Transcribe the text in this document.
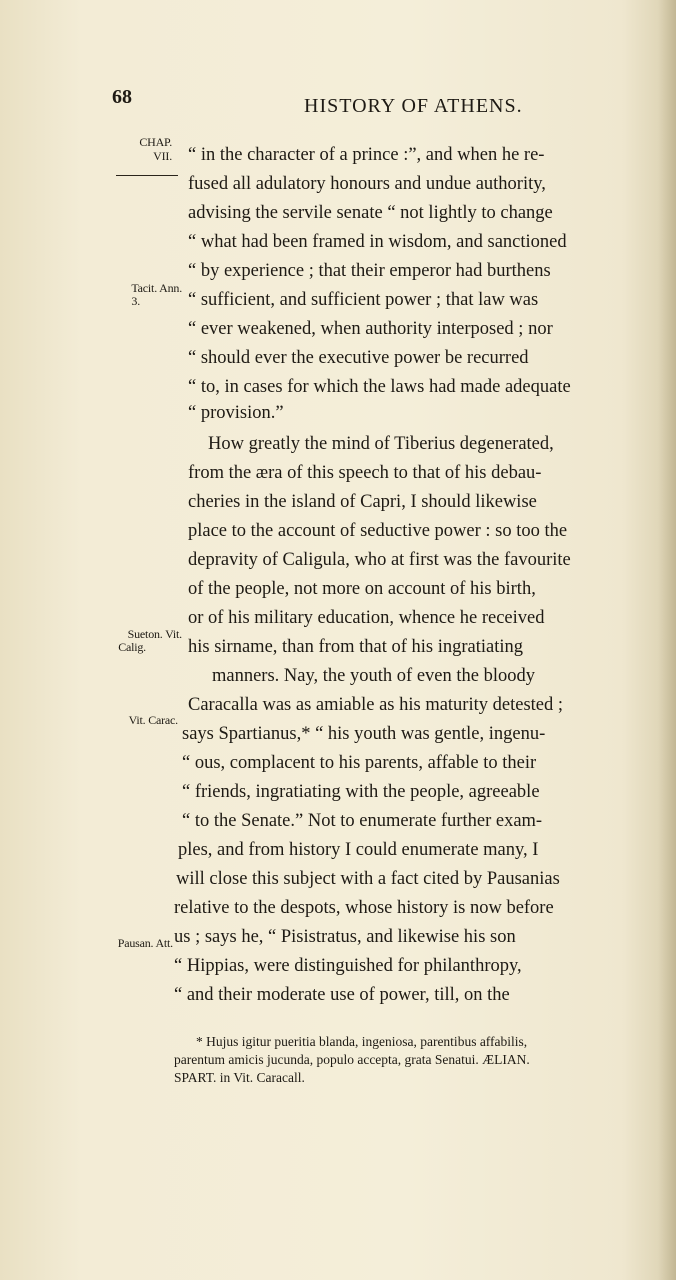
68	HISTORY OF ATHENS.
CHAP.
VII.
Tacit. Ann.
3.
Sueton. Vit.
Calig.
Vit. Carac.
Pausan. Att.
“ in the character of a prince :”, and when he re-
fused all adulatory honours and undue authority,
advising the servile senate “ not lightly to change
“ what had been framed in wisdom, and sanctioned
“ by experience ; that their emperor had burthens
“ sufficient, and sufficient power ; that law was
“ ever weakened, when authority interposed ; nor
“ should ever the executive power be recurred
“ to, in cases for which the laws had made adequate
“ provision.”
How greatly the mind of Tiberius degenerated,
from the æra of this speech to that of his debau-
cheries in the island of Capri, I should likewise
place to the account of seductive power : so too the
depravity of Caligula, who at first was the favourite
of the people, not more on account of his birth,
or of his military education, whence he received
his sirname, than from that of his ingratiating
manners. Nay, the youth of even the bloody
Caracalla was as amiable as his maturity detested ;
says Spartianus,* “ his youth was gentle, ingenu-
“ ous, complacent to his parents, affable to their
“ friends, ingratiating with the people, agreeable
“ to the Senate.” Not to enumerate further exam-
ples, and from history I could enumerate many, I
will close this subject with a fact cited by Pausanias
relative to the despots, whose history is now before
us ; says he, “ Pisistratus, and likewise his son
“ Hippias, were distinguished for philanthropy,
“ and their moderate use of power, till, on the
* Hujus igitur pueritia blanda, ingeniosa, parentibus affabilis,
parentum amicis jucunda, populo accepta, grata Senatui. ÆLIAN.
SPART. in Vit. Caracall.
